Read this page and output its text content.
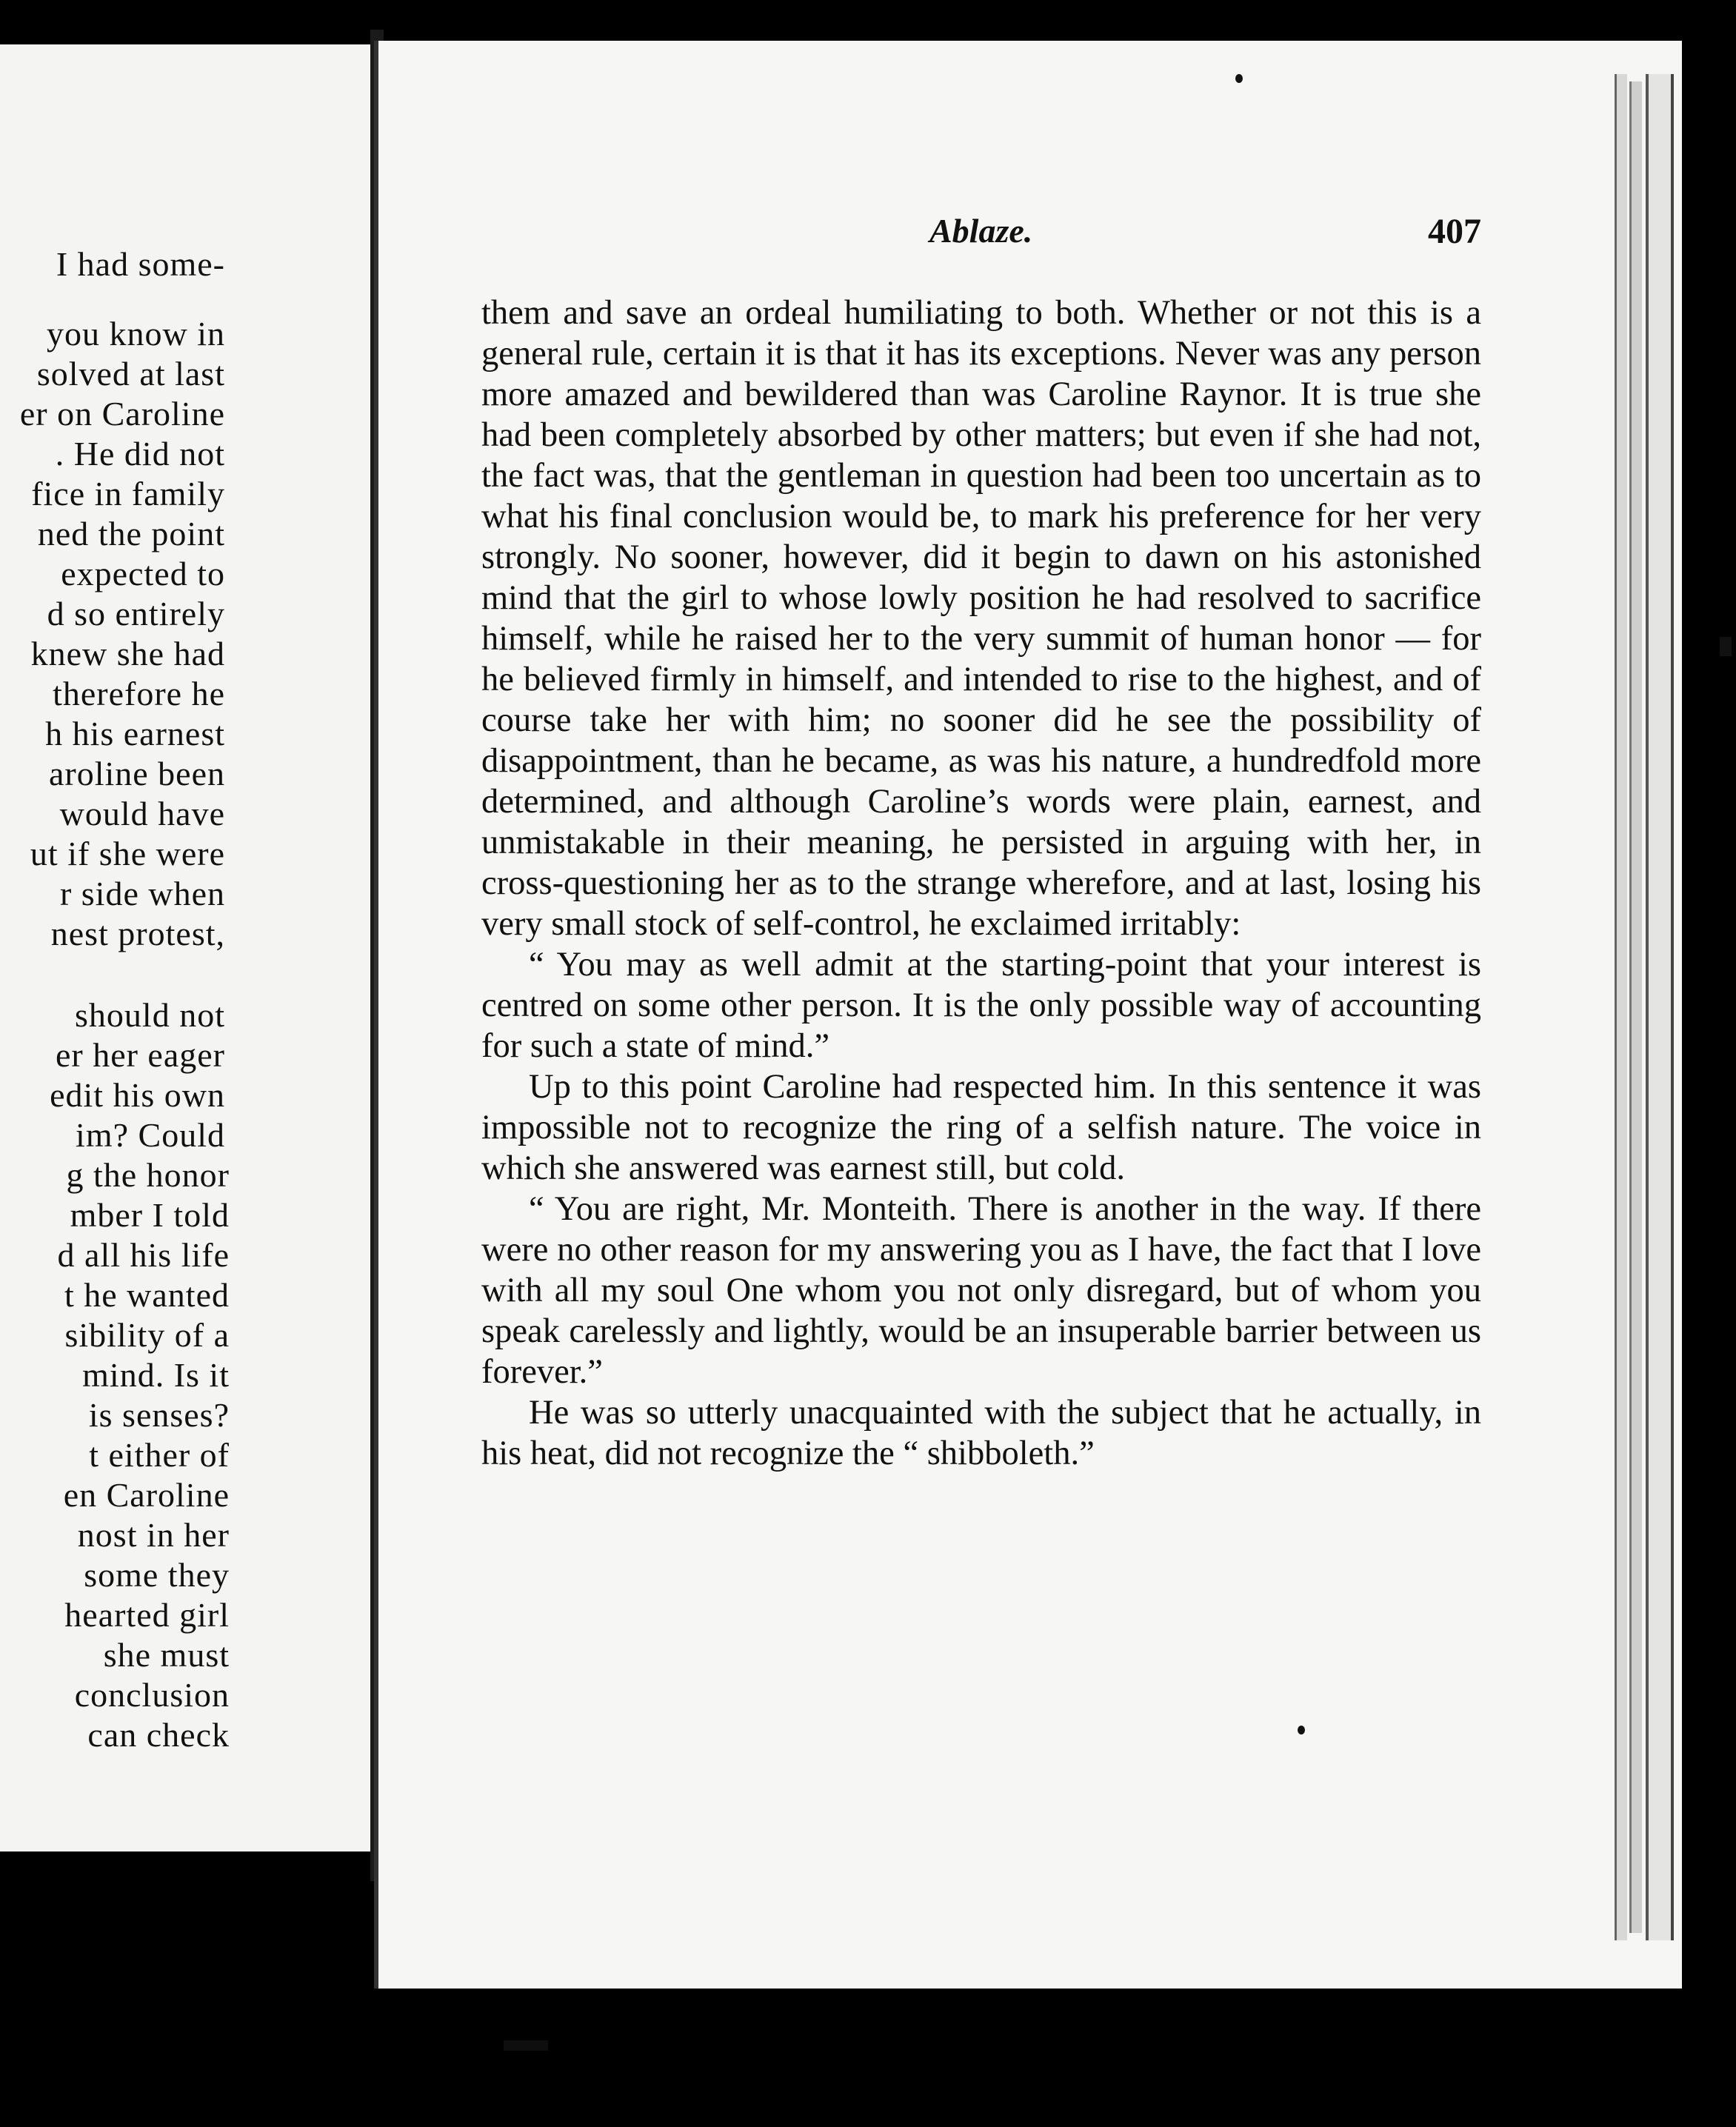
I had some-
you know in
solved at last
er on Caroline
. He did not
fice in family
ned the point
expected to
d so entirely
knew she had
therefore he
h his earnest
aroline been
would have
ut if she were
r side when
nest protest,
should not
er her eager
edit his own
im? Could
g the honor
mber I told
d all his life
t he wanted
sibility of a
mind. Is it
is senses?
t either of
en Caroline
nost in her
some they
hearted girl
she must
conclusion
can check
Ablaze.	407

them and save an ordeal humiliating to both. Whether or not this is a general rule, certain it is that it has its exceptions. Never was any person more amazed and bewildered than was Caroline Raynor. It is true she had been completely absorbed by other matters; but even if she had not, the fact was, that the gentleman in question had been too uncertain as to what his final conclusion would be, to mark his preference for her very strongly. No sooner, however, did it begin to dawn on his astonished mind that the girl to whose lowly position he had resolved to sacrifice himself, while he raised her to the very summit of human honor — for he believed firmly in himself, and intended to rise to the highest, and of course take her with him; no sooner did he see the possibility of disappointment, than he became, as was his nature, a hundredfold more determined, and although Caroline’s words were plain, earnest, and unmistakable in their meaning, he persisted in arguing with her, in cross-questioning her as to the strange wherefore, and at last, losing his very small stock of self-control, he exclaimed irritably:

“ You may as well admit at the starting-point that your interest is centred on some other person. It is the only possible way of accounting for such a state of mind.”

Up to this point Caroline had respected him. In this sentence it was impossible not to recognize the ring of a selfish nature. The voice in which she answered was earnest still, but cold.

“ You are right, Mr. Monteith. There is another in the way. If there were no other reason for my answering you as I have, the fact that I love with all my soul One whom you not only disregard, but of whom you speak carelessly and lightly, would be an insuperable barrier between us forever.”

He was so utterly unacquainted with the subject that he actually, in his heat, did not recognize the “ shibboleth.”
